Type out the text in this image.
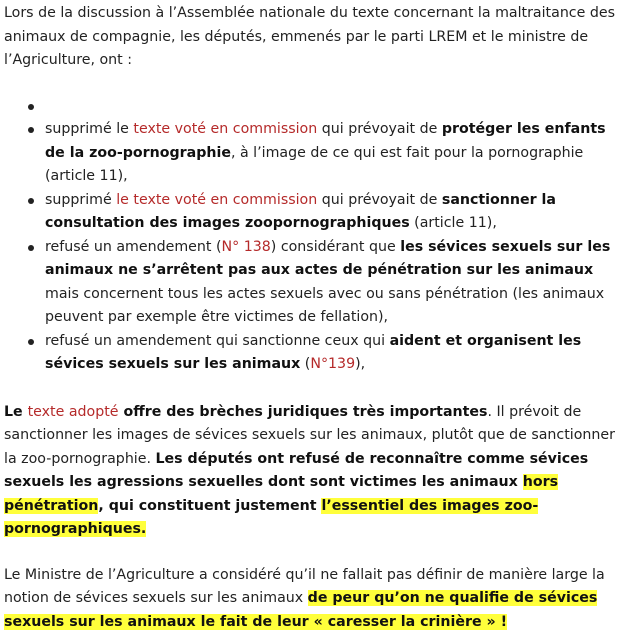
Lors de la discussion à l’Assemblée nationale du texte concernant la maltraitance des animaux de compagnie, les députés, emmenés par le parti LREM et le ministre de l’Agriculture, ont :

supprimé le texte voté en commission qui prévoyait de protéger les enfants de la zoo-pornographie, à l’image de ce qui est fait pour la pornographie (article 11),
supprimé le texte voté en commission qui prévoyait de sanctionner la consultation des images zoopornographiques (article 11),
refusé un amendement (N° 138) considérant que les sévices sexuels sur les animaux ne s’arrêtent pas aux actes de pénétration sur les animaux mais concernent tous les actes sexuels avec ou sans pénétration (les animaux peuvent par exemple être victimes de fellation),
refusé un amendement qui sanctionne ceux qui aident et organisent les sévices sexuels sur les animaux (N°139),

Le texte adopté offre des brèches juridiques très importantes. Il prévoit de sanctionner les images de sévices sexuels sur les animaux, plutôt que de sanctionner la zoo-pornographie. Les députés ont refusé de reconnaître comme sévices sexuels les agressions sexuelles dont sont victimes les animaux hors pénétration, qui constituent justement l’essentiel des images zoo-pornographiques.

Le Ministre de l’Agriculture a considéré qu’il ne fallait pas définir de manière large la notion de sévices sexuels sur les animaux de peur qu’on ne qualifie de sévices sexuels sur les animaux le fait de leur « caresser la crinière » !
